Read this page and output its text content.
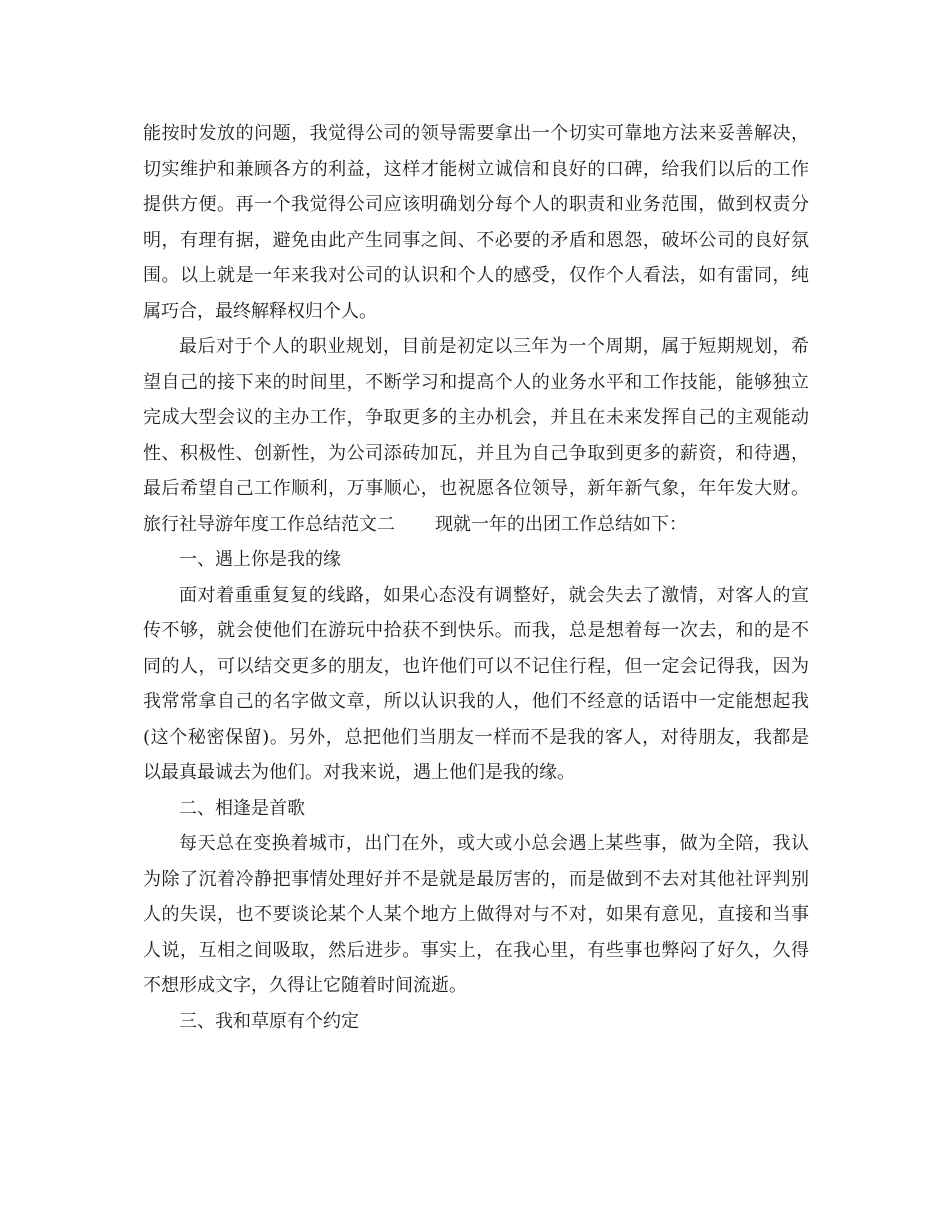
能按时发放的问题，我觉得公司的领导需要拿出一个切实可靠地方法来妥善解决，
切实维护和兼顾各方的利益，这样才能树立诚信和良好的口碑，给我们以后的工作
提供方便。再一个我觉得公司应该明确划分每个人的职责和业务范围，做到权责分
明，有理有据，避免由此产生同事之间、不必要的矛盾和恩怨，破坏公司的良好氛
围。以上就是一年来我对公司的认识和个人的感受，仅作个人看法，如有雷同，纯
属巧合，最终解释权归个人。
最后对于个人的职业规划，目前是初定以三年为一个周期，属于短期规划，希
望自己的接下来的时间里，不断学习和提高个人的业务水平和工作技能，能够独立
完成大型会议的主办工作，争取更多的主办机会，并且在未来发挥自己的主观能动
性、积极性、创新性，为公司添砖加瓦，并且为自己争取到更多的薪资，和待遇，
最后希望自己工作顺利，万事顺心，也祝愿各位领导，新年新气象，年年发大财。
旅行社导游年度工作总结范文二 现就一年的出团工作总结如下：
一、遇上你是我的缘
面对着重重复复的线路，如果心态没有调整好，就会失去了激情，对客人的宣
传不够，就会使他们在游玩中拾获不到快乐。而我，总是想着每一次去，和的是不
同的人，可以结交更多的朋友，也许他们可以不记住行程，但一定会记得我，因为
我常常拿自己的名字做文章，所以认识我的人，他们不经意的话语中一定能想起我
(这个秘密保留)。另外，总把他们当朋友一样而不是我的客人，对待朋友，我都是
以最真最诚去为他们。对我来说，遇上他们是我的缘。
二、相逢是首歌
每天总在变换着城市，出门在外，或大或小总会遇上某些事，做为全陪，我认
为除了沉着冷静把事情处理好并不是就是最厉害的，而是做到不去对其他社评判别
人的失误，也不要谈论某个人某个地方上做得对与不对，如果有意见，直接和当事
人说，互相之间吸取，然后进步。事实上，在我心里，有些事也弊闷了好久，久得
不想形成文字，久得让它随着时间流逝。
三、我和草原有个约定
